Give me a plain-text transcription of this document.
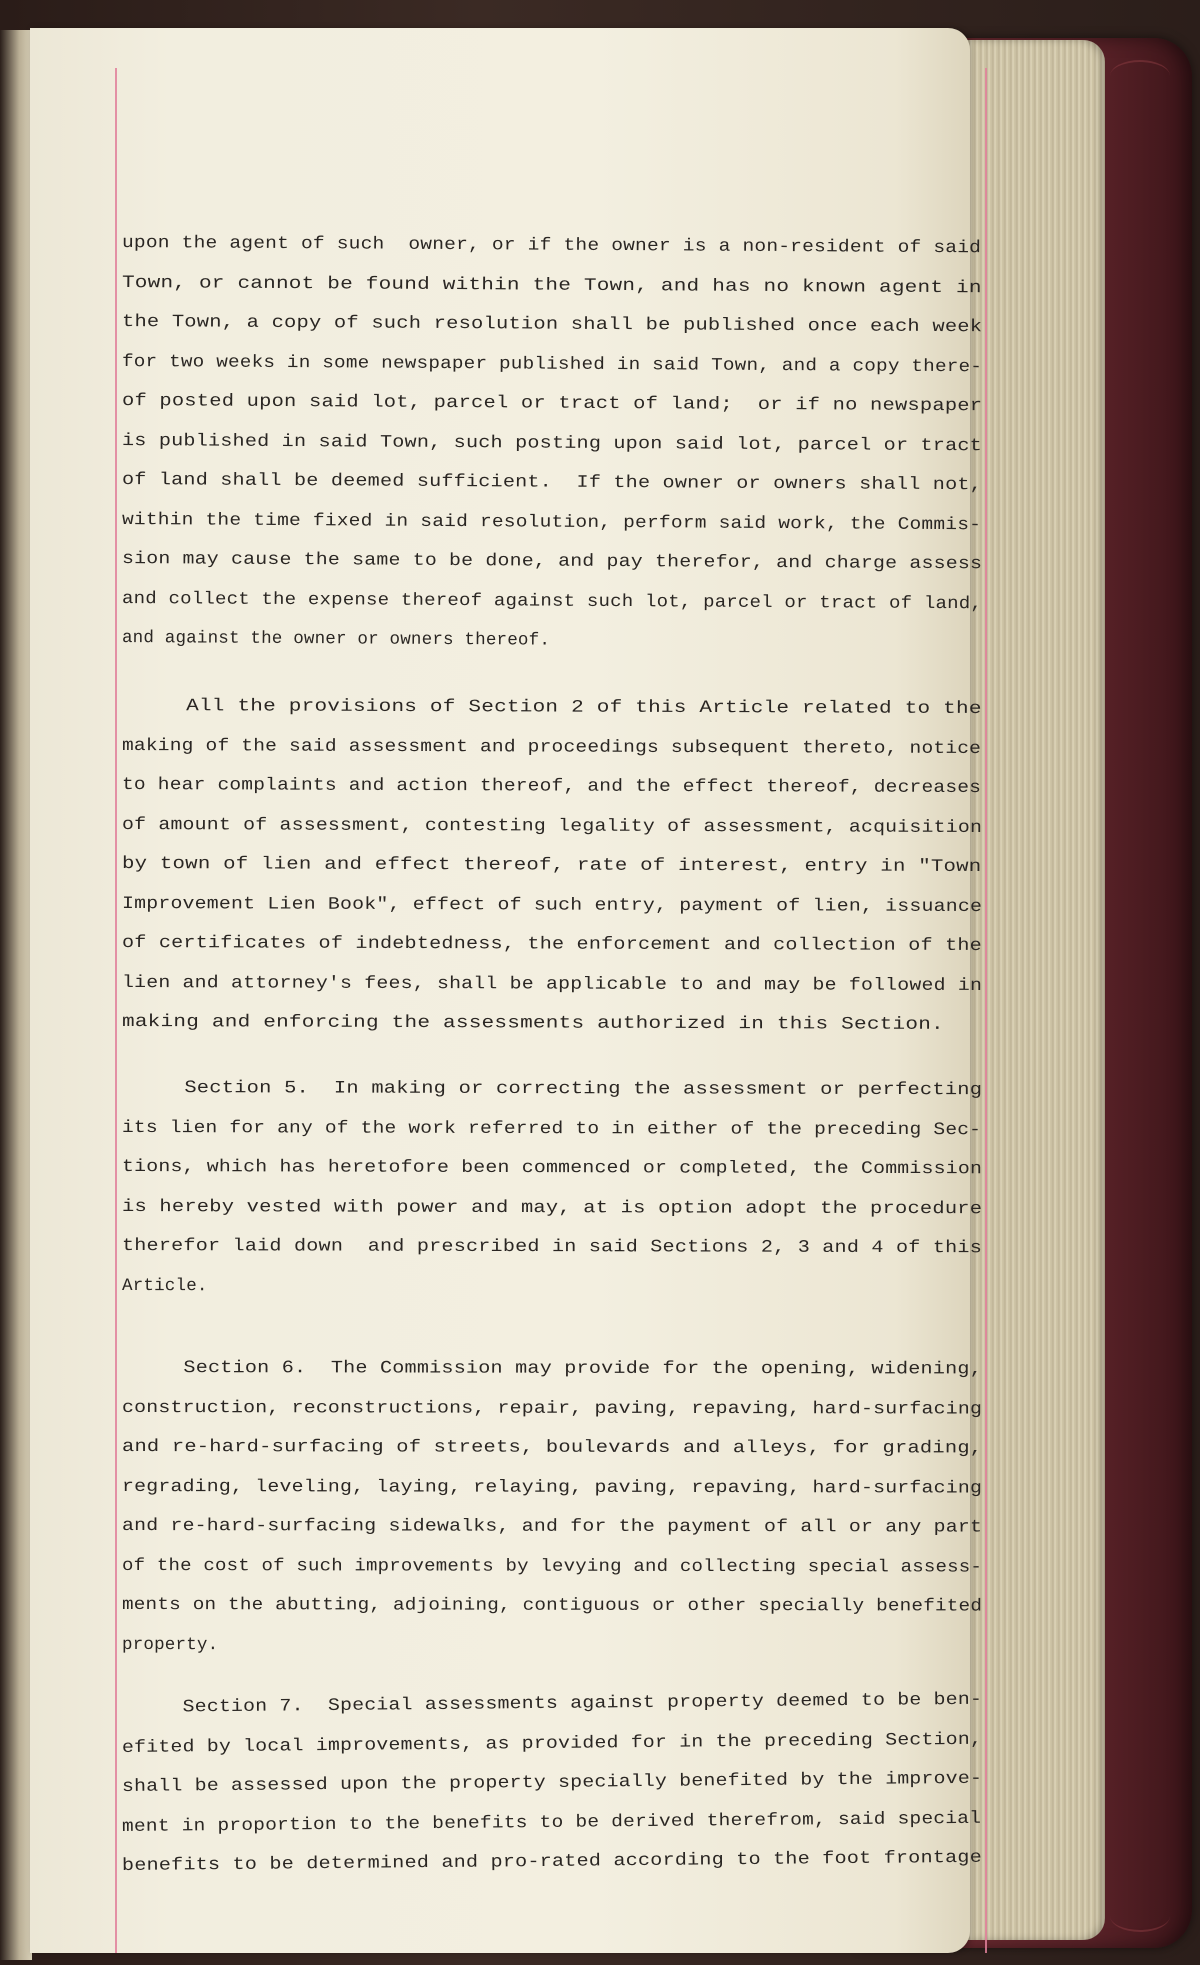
upon the agent of such  owner, or if the owner is a non-resident of said
Town, or cannot be found within the Town, and has no known agent in
the Town, a copy of such resolution shall be published once each week
for two weeks in some newspaper published in said Town, and a copy there-
of posted upon said lot, parcel or tract of land;  or if no newspaper
is published in said Town, such posting upon said lot, parcel or tract
of land shall be deemed sufficient.  If the owner or owners shall not,
within the time fixed in said resolution, perform said work, the Commis-
sion may cause the same to be done, and pay therefor, and charge assess
and collect the expense thereof against such lot, parcel or tract of land,
and against the owner or owners thereof.
All the provisions of Section 2 of this Article related to the
making of the said assessment and proceedings subsequent thereto, notice
to hear complaints and action thereof, and the effect thereof, decreases
of amount of assessment, contesting legality of assessment, acquisition
by town of lien and effect thereof, rate of interest, entry in "Town
Improvement Lien Book", effect of such entry, payment of lien, issuance
of certificates of indebtedness, the enforcement and collection of the
lien and attorney's fees, shall be applicable to and may be followed in
making and enforcing the assessments authorized in this Section.
Section 5.  In making or correcting the assessment or perfecting
its lien for any of the work referred to in either of the preceding Sec-
tions, which has heretofore been commenced or completed, the Commission
is hereby vested with power and may, at is option adopt the procedure
therefor laid down  and prescribed in said Sections 2, 3 and 4 of this
Article.
Section 6.  The Commission may provide for the opening, widening,
construction, reconstructions, repair, paving, repaving, hard-surfacing
and re-hard-surfacing of streets, boulevards and alleys, for grading,
regrading, leveling, laying, relaying, paving, repaving, hard-surfacing
and re-hard-surfacing sidewalks, and for the payment of all or any part
of the cost of such improvements by levying and collecting special assess-
ments on the abutting, adjoining, contiguous or other specially benefited
property.
Section 7.  Special assessments against property deemed to be ben-
efited by local improvements, as provided for in the preceding Section,
shall be assessed upon the property specially benefited by the improve-
ment in proportion to the benefits to be derived therefrom, said special
benefits to be determined and pro-rated according to the foot frontage
